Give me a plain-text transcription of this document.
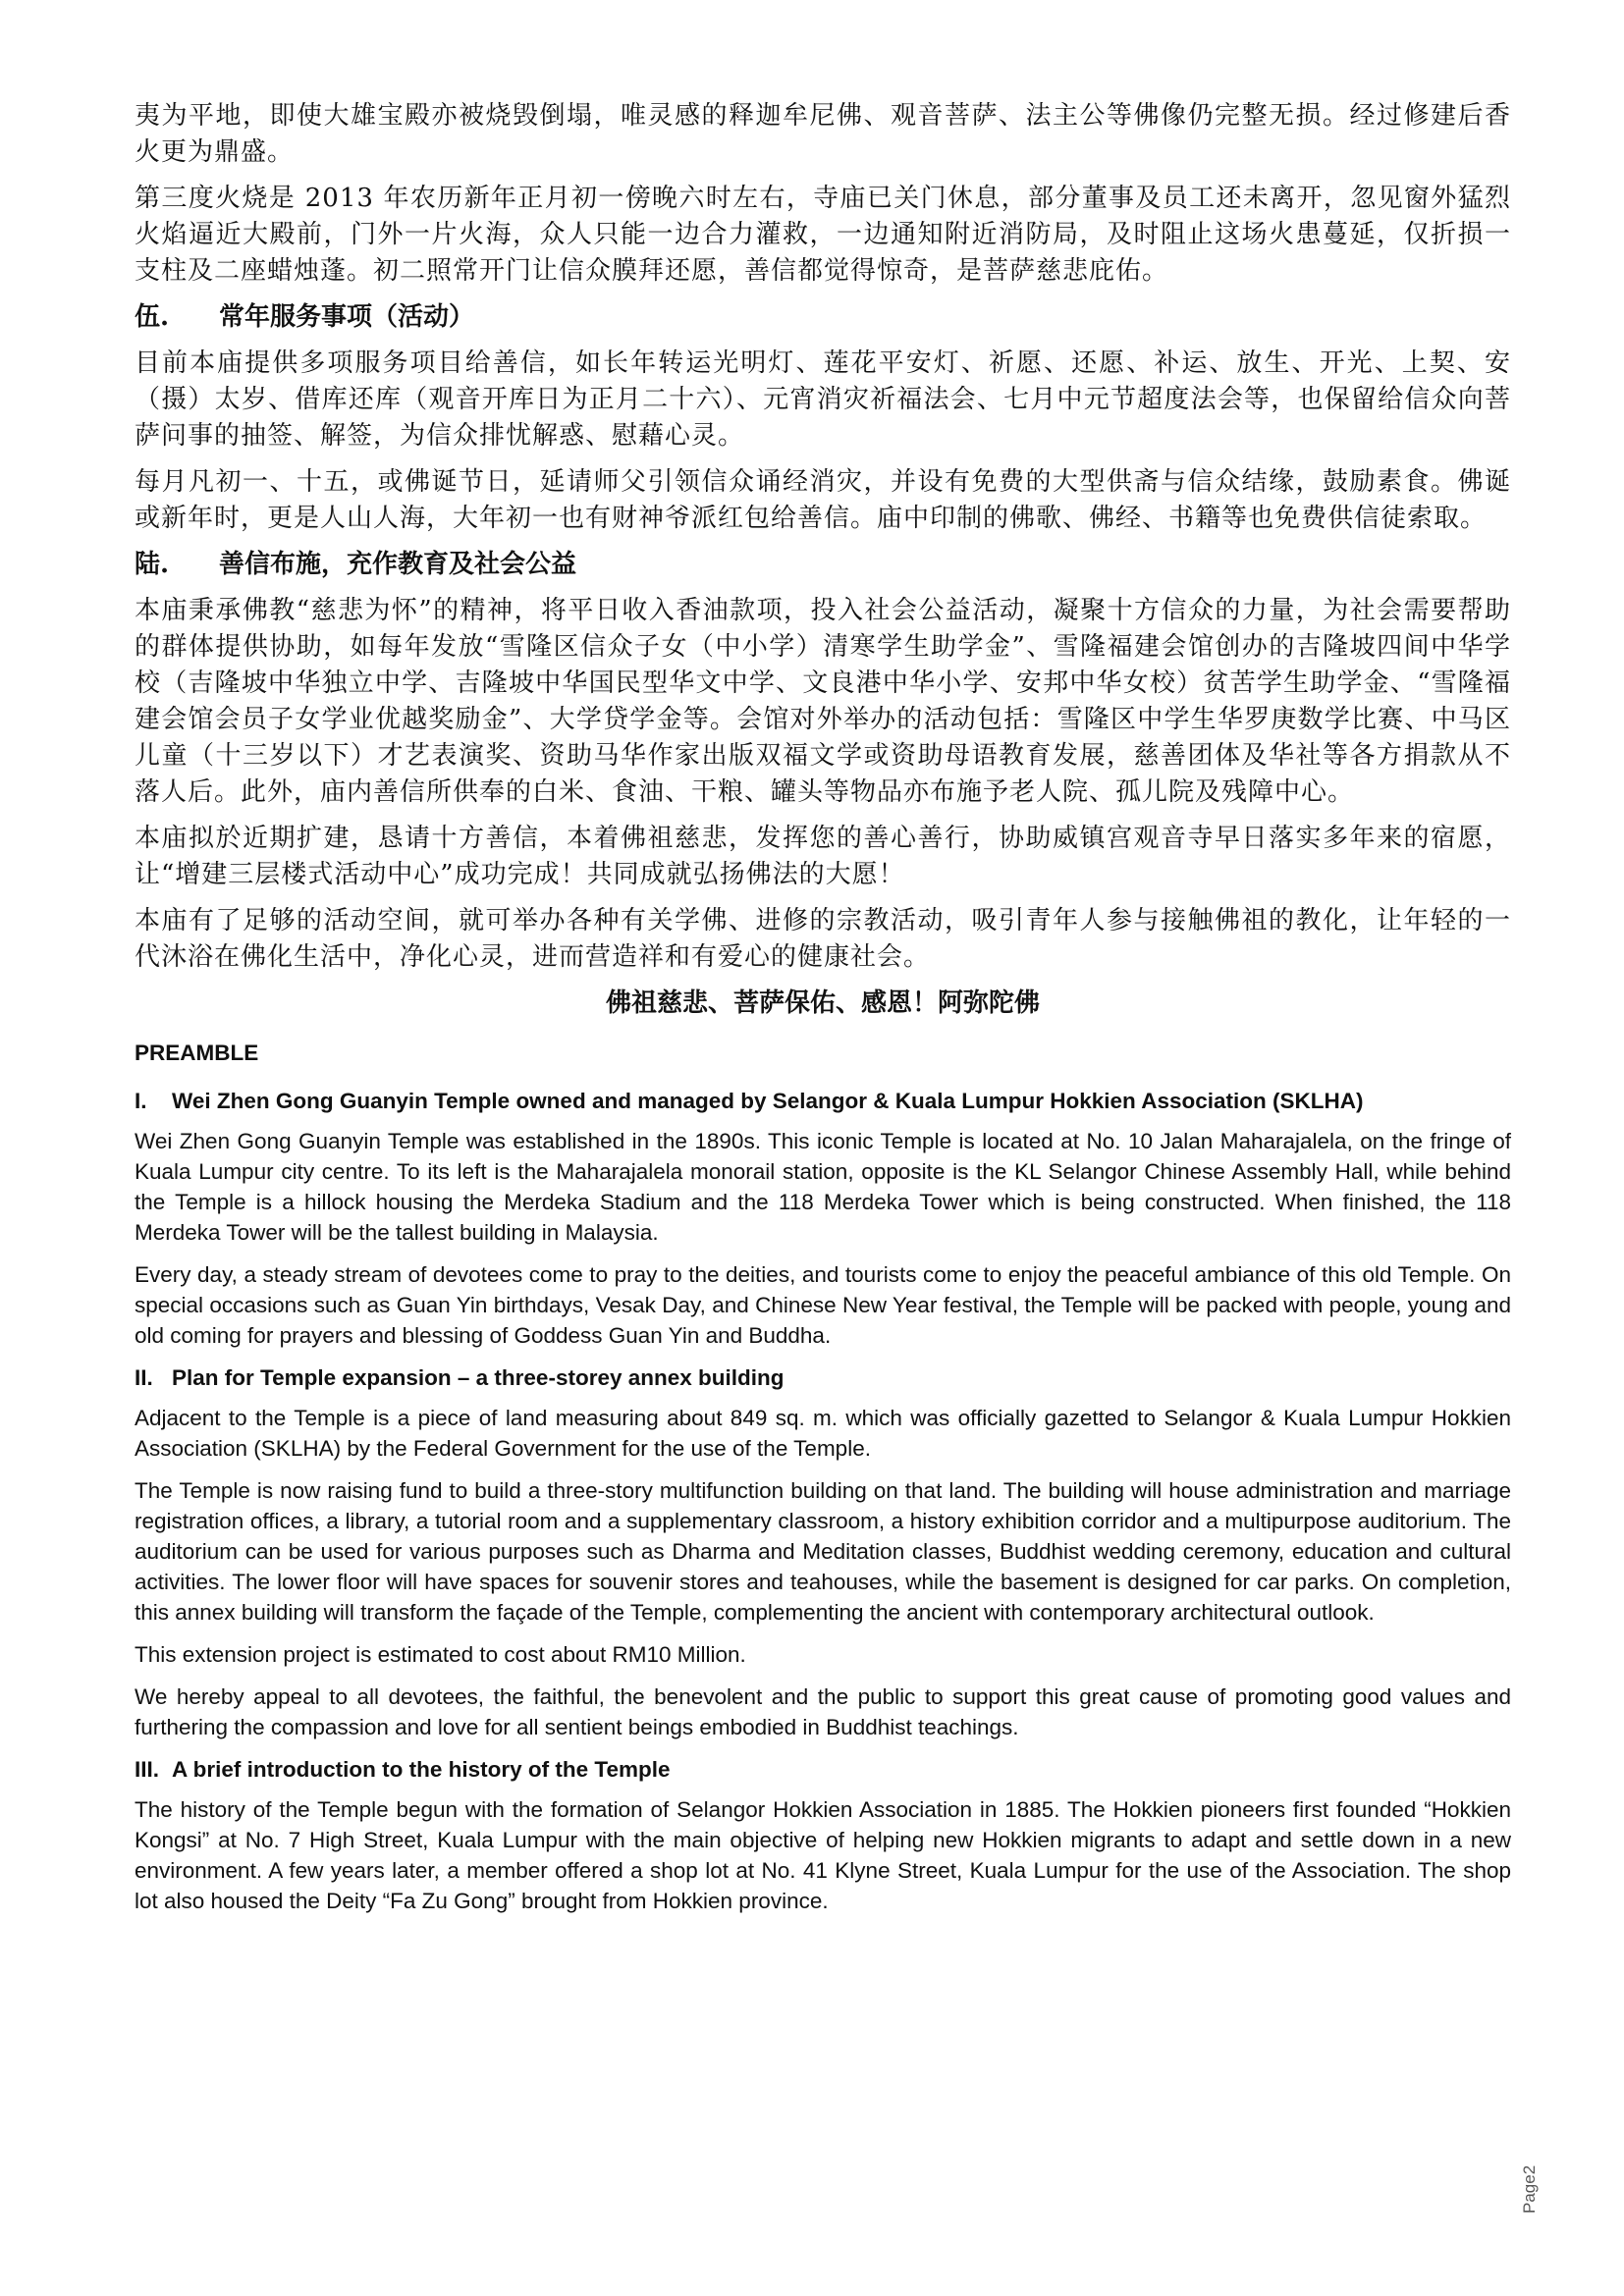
夷为平地，即使大雄宝殿亦被烧毁倒塌，唯灵感的释迦牟尼佛、观音菩萨、法主公等佛像仍完整无损。经过修建后香火更为鼎盛。

第三度火烧是 2013 年农历新年正月初一傍晚六时左右，寺庙已关门休息，部分董事及员工还未离开，忽见窗外猛烈火焰逼近大殿前，门外一片火海，众人只能一边合力灌救，一边通知附近消防局，及时阻止这场火患蔓延，仅折损一支柱及二座蜡烛蓬。初二照常开门让信众膜拜还愿，善信都觉得惊奇，是菩萨慈悲庇佑。

伍. 常年服务事项（活动）

目前本庙提供多项服务项目给善信，如长年转运光明灯、莲花平安灯、祈愿、还愿、补运、放生、开光、上契、安（摄）太岁、借库还库（观音开库日为正月二十六）、元宵消灾祈福法会、七月中元节超度法会等，也保留给信众向菩萨问事的抽签、解签，为信众排忧解惑、慰藉心灵。

每月凡初一、十五，或佛诞节日，延请师父引领信众诵经消灾，并设有免费的大型供斋与信众结缘，鼓励素食。佛诞或新年时，更是人山人海，大年初一也有财神爷派红包给善信。庙中印制的佛歌、佛经、书籍等也免费供信徒索取。

陆. 善信布施，充作教育及社会公益

本庙秉承佛教“慈悲为怀”的精神，将平日收入香油款项，投入社会公益活动，凝聚十方信众的力量，为社会需要帮助的群体提供协助，如每年发放“雪隆区信众子女（中小学）清寒学生助学金”、雪隆福建会馆创办的吉隆坡四间中华学校（吉隆坡中华独立中学、吉隆坡中华国民型华文中学、文良港中华小学、安邦中华女校）贫苦学生助学金、“雪隆福建会馆会员子女学业优越奖励金”、大学贷学金等。会馆对外举办的活动包括：雪隆区中学生华罗庚数学比赛、中马区儿童（十三岁以下）才艺表演奖、资助马华作家出版双福文学或资助母语教育发展，慈善团体及华社等各方捐款从不落人后。此外，庙内善信所供奉的白米、食油、干粮、罐头等物品亦布施予老人院、孤儿院及残障中心。

本庙拟於近期扩建，恳请十方善信，本着佛祖慈悲，发挥您的善心善行，协助威镇宫观音寺早日落实多年来的宿愿，让“增建三层楼式活动中心”成功完成！共同成就弘扬佛法的大愿！

本庙有了足够的活动空间，就可举办各种有关学佛、进修的宗教活动，吸引青年人参与接触佛祖的教化，让年轻的一代沐浴在佛化生活中，净化心灵，进而营造祥和有爱心的健康社会。

佛祖慈悲、菩萨保佑、感恩！阿弥陀佛
PREAMBLE
I. Wei Zhen Gong Guanyin Temple owned and managed by Selangor & Kuala Lumpur Hokkien Association (SKLHA)

Wei Zhen Gong Guanyin Temple was established in the 1890s. This iconic Temple is located at No. 10 Jalan Maharajalela, on the fringe of Kuala Lumpur city centre. To its left is the Maharajalela monorail station, opposite is the KL Selangor Chinese Assembly Hall, while behind the Temple is a hillock housing the Merdeka Stadium and the 118 Merdeka Tower which is being constructed. When finished, the 118 Merdeka Tower will be the tallest building in Malaysia.

Every day, a steady stream of devotees come to pray to the deities, and tourists come to enjoy the peaceful ambiance of this old Temple. On special occasions such as Guan Yin birthdays, Vesak Day, and Chinese New Year festival, the Temple will be packed with people, young and old coming for prayers and blessing of Goddess Guan Yin and Buddha.

II. Plan for Temple expansion – a three-storey annex building

Adjacent to the Temple is a piece of land measuring about 849 sq. m. which was officially gazetted to Selangor & Kuala Lumpur Hokkien Association (SKLHA) by the Federal Government for the use of the Temple.

The Temple is now raising fund to build a three-story multifunction building on that land. The building will house administration and marriage registration offices, a library, a tutorial room and a supplementary classroom, a history exhibition corridor and a multipurpose auditorium. The auditorium can be used for various purposes such as Dharma and Meditation classes, Buddhist wedding ceremony, education and cultural activities. The lower floor will have spaces for souvenir stores and teahouses, while the basement is designed for car parks. On completion, this annex building will transform the façade of the Temple, complementing the ancient with contemporary architectural outlook.

This extension project is estimated to cost about RM10 Million.

We hereby appeal to all devotees, the faithful, the benevolent and the public to support this great cause of promoting good values and furthering the compassion and love for all sentient beings embodied in Buddhist teachings.

III. A brief introduction to the history of the Temple

The history of the Temple begun with the formation of Selangor Hokkien Association in 1885. The Hokkien pioneers first founded “Hokkien Kongsi” at No. 7 High Street, Kuala Lumpur with the main objective of helping new Hokkien migrants to adapt and settle down in a new environment. A few years later, a member offered a shop lot at No. 41 Klyne Street, Kuala Lumpur for the use of the Association. The shop lot also housed the Deity “Fa Zu Gong” brought from Hokkien province.

Page2
